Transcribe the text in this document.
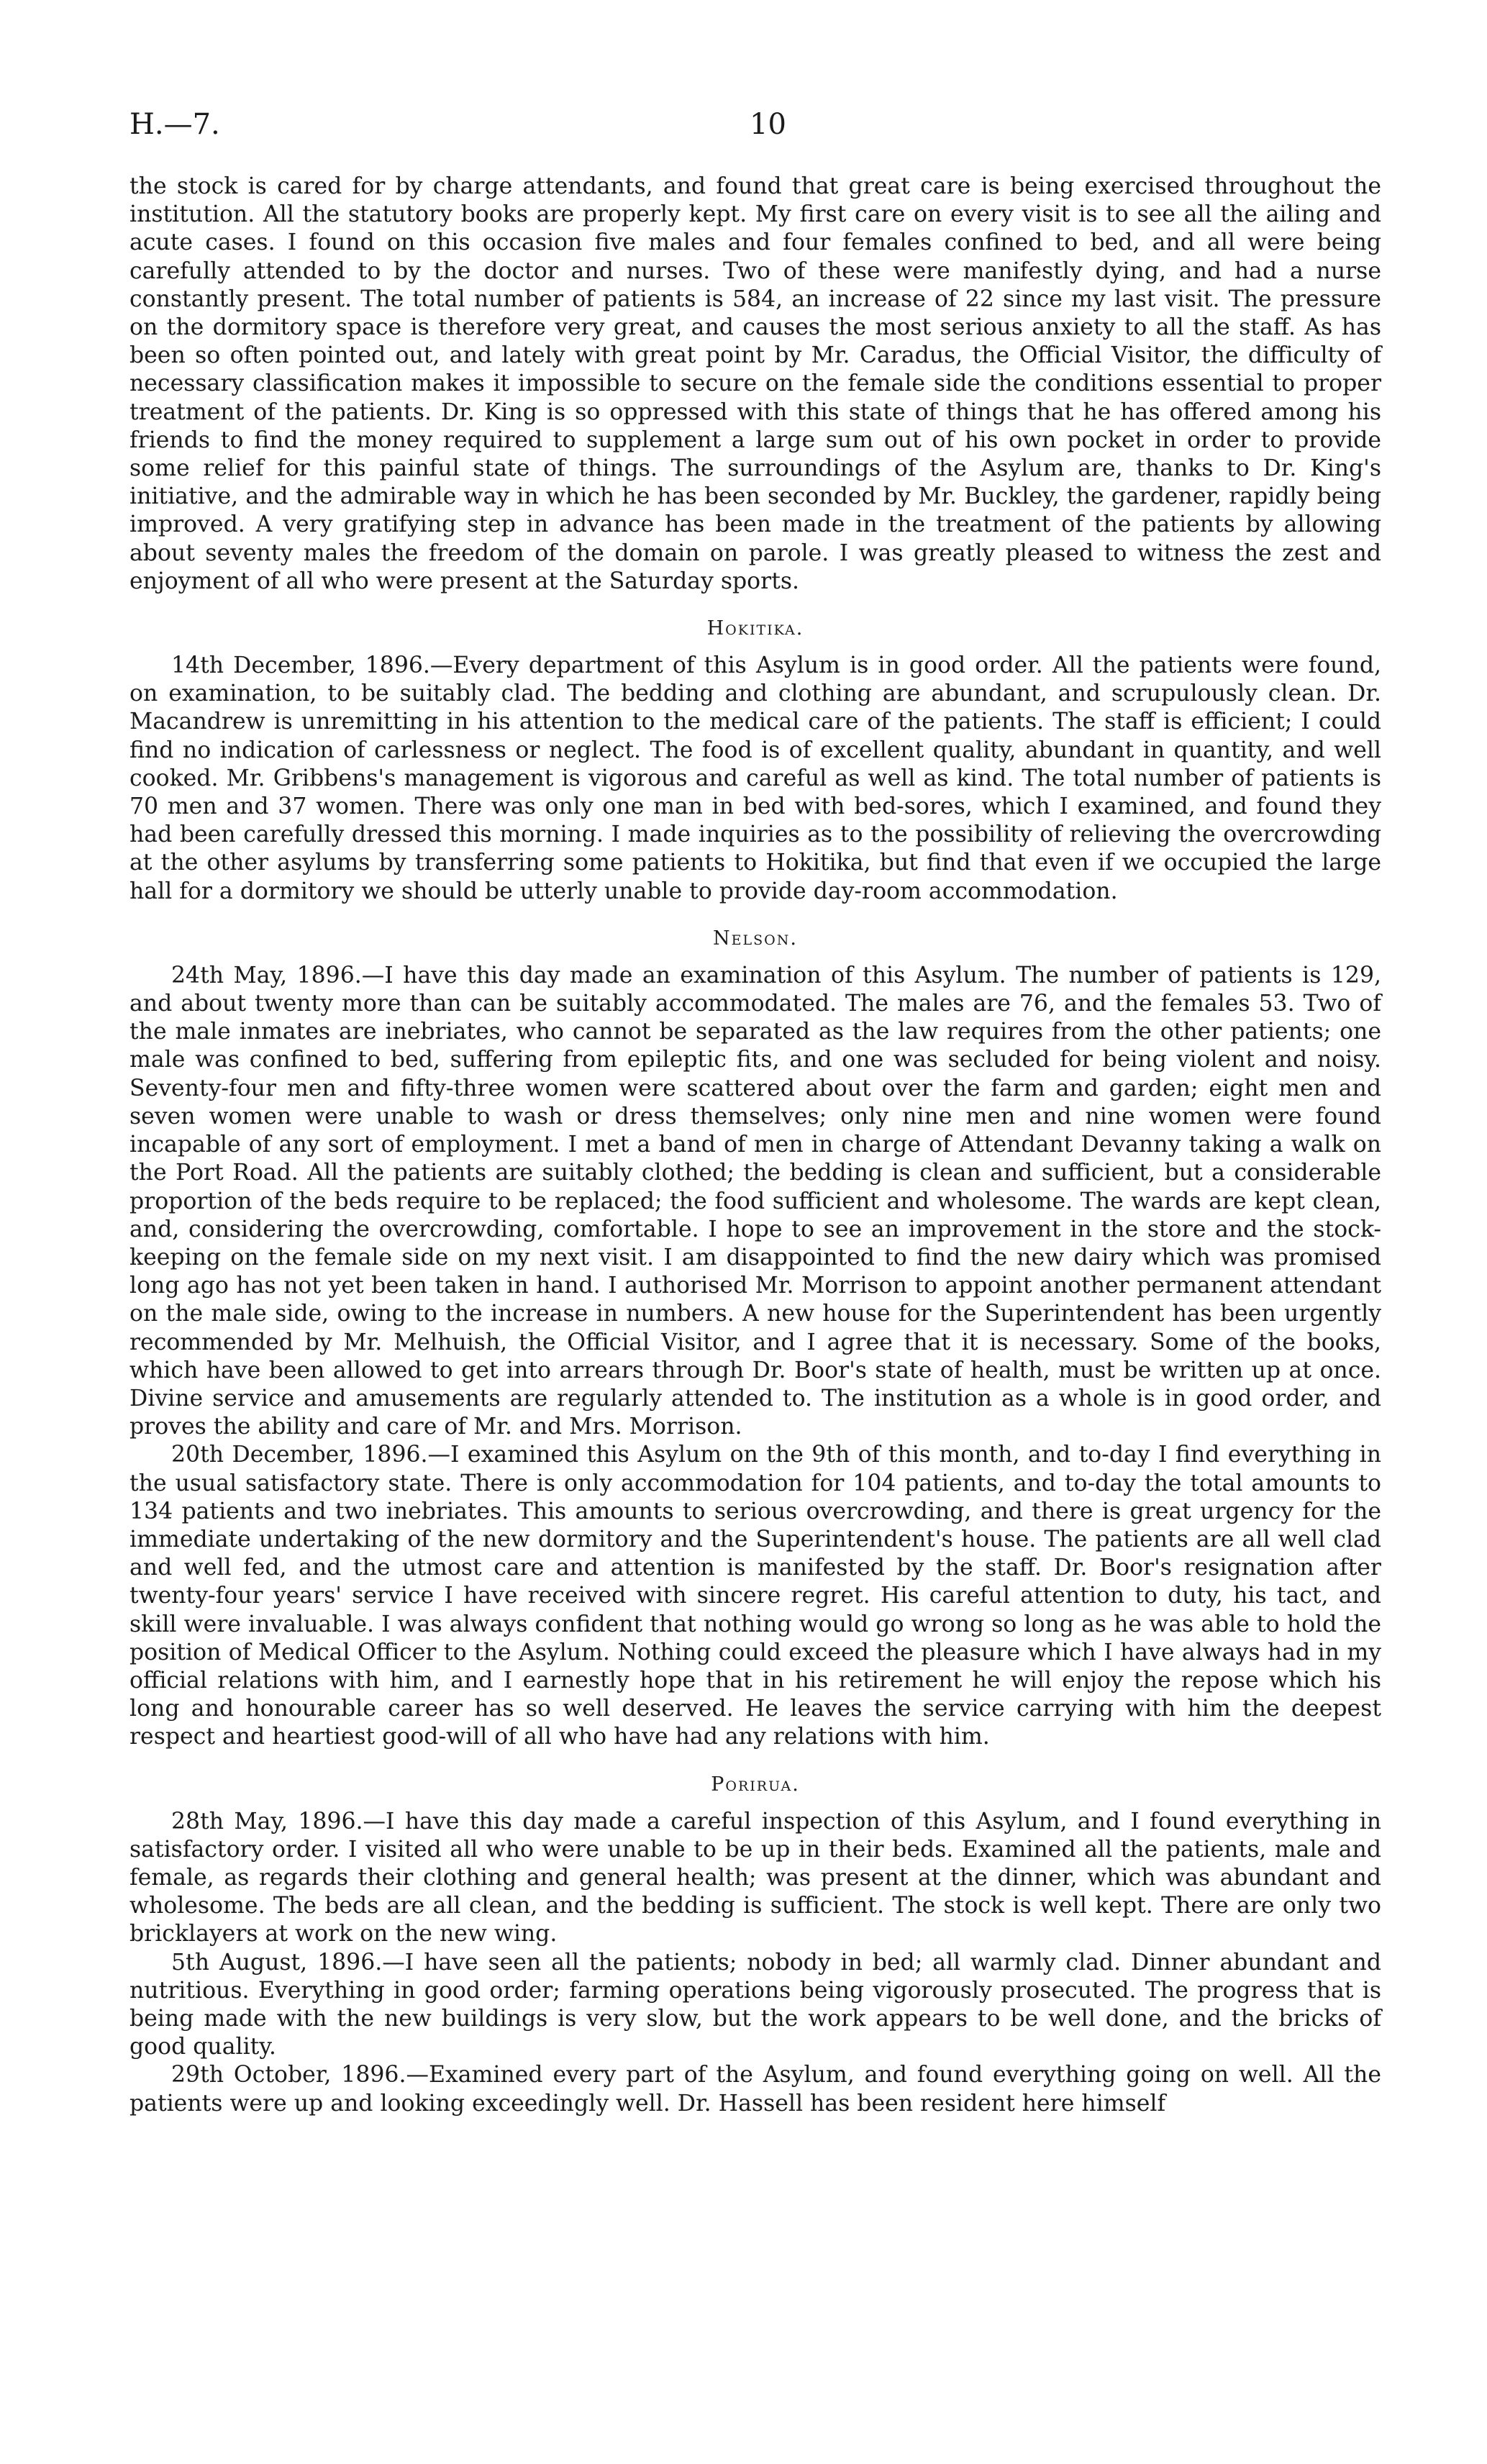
H.—7.	10

the stock is cared for by charge attendants, and found that great care is being exercised throughout the institution. All the statutory books are properly kept. My first care on every visit is to see all the ailing and acute cases. I found on this occasion five males and four females confined to bed, and all were being carefully attended to by the doctor and nurses. Two of these were manifestly dying, and had a nurse constantly present. The total number of patients is 584, an increase of 22 since my last visit. The pressure on the dormitory space is therefore very great, and causes the most serious anxiety to all the staff. As has been so often pointed out, and lately with great point by Mr. Caradus, the Official Visitor, the difficulty of necessary classification makes it impossible to secure on the female side the conditions essential to proper treatment of the patients. Dr. King is so oppressed with this state of things that he has offered among his friends to find the money required to supplement a large sum out of his own pocket in order to provide some relief for this painful state of things. The surroundings of the Asylum are, thanks to Dr. King's initiative, and the admirable way in which he has been seconded by Mr. Buckley, the gardener, rapidly being improved. A very gratifying step in advance has been made in the treatment of the patients by allowing about seventy males the freedom of the domain on parole. I was greatly pleased to witness the zest and enjoyment of all who were present at the Saturday sports.

Hokitika.

14th December, 1896.—Every department of this Asylum is in good order. All the patients were found, on examination, to be suitably clad. The bedding and clothing are abundant, and scrupulously clean. Dr. Macandrew is unremitting in his attention to the medical care of the patients. The staff is efficient; I could find no indication of carlessness or neglect. The food is of excellent quality, abundant in quantity, and well cooked. Mr. Gribbens's management is vigorous and careful as well as kind. The total number of patients is 70 men and 37 women. There was only one man in bed with bed-sores, which I examined, and found they had been carefully dressed this morning. I made inquiries as to the possibility of relieving the overcrowding at the other asylums by transferring some patients to Hokitika, but find that even if we occupied the large hall for a dormitory we should be utterly unable to provide day-room accommodation.

Nelson.

24th May, 1896.—I have this day made an examination of this Asylum. The number of patients is 129, and about twenty more than can be suitably accommodated. The males are 76, and the females 53. Two of the male inmates are inebriates, who cannot be separated as the law requires from the other patients; one male was confined to bed, suffering from epileptic fits, and one was secluded for being violent and noisy. Seventy-four men and fifty-three women were scattered about over the farm and garden; eight men and seven women were unable to wash or dress themselves; only nine men and nine women were found incapable of any sort of employment. I met a band of men in charge of Attendant Devanny taking a walk on the Port Road. All the patients are suitably clothed; the bedding is clean and sufficient, but a considerable proportion of the beds require to be replaced; the food sufficient and wholesome. The wards are kept clean, and, considering the overcrowding, comfortable. I hope to see an improvement in the store and the stock-keeping on the female side on my next visit. I am disappointed to find the new dairy which was promised long ago has not yet been taken in hand. I authorised Mr. Morrison to appoint another permanent attendant on the male side, owing to the increase in numbers. A new house for the Superintendent has been urgently recommended by Mr. Melhuish, the Official Visitor, and I agree that it is necessary. Some of the books, which have been allowed to get into arrears through Dr. Boor's state of health, must be written up at once. Divine service and amusements are regularly attended to. The institution as a whole is in good order, and proves the ability and care of Mr. and Mrs. Morrison.

20th December, 1896.—I examined this Asylum on the 9th of this month, and to-day I find everything in the usual satisfactory state. There is only accommodation for 104 patients, and to-day the total amounts to 134 patients and two inebriates. This amounts to serious overcrowding, and there is great urgency for the immediate undertaking of the new dormitory and the Superintendent's house. The patients are all well clad and well fed, and the utmost care and attention is manifested by the staff. Dr. Boor's resignation after twenty-four years' service I have received with sincere regret. His careful attention to duty, his tact, and skill were invaluable. I was always confident that nothing would go wrong so long as he was able to hold the position of Medical Officer to the Asylum. Nothing could exceed the pleasure which I have always had in my official relations with him, and I earnestly hope that in his retirement he will enjoy the repose which his long and honourable career has so well deserved. He leaves the service carrying with him the deepest respect and heartiest good-will of all who have had any relations with him.

Porirua.

28th May, 1896.—I have this day made a careful inspection of this Asylum, and I found everything in satisfactory order. I visited all who were unable to be up in their beds. Examined all the patients, male and female, as regards their clothing and general health; was present at the dinner, which was abundant and wholesome. The beds are all clean, and the bedding is sufficient. The stock is well kept. There are only two bricklayers at work on the new wing.

5th August, 1896.—I have seen all the patients; nobody in bed; all warmly clad. Dinner abundant and nutritious. Everything in good order; farming operations being vigorously prosecuted. The progress that is being made with the new buildings is very slow, but the work appears to be well done, and the bricks of good quality.

29th October, 1896.—Examined every part of the Asylum, and found everything going on well. All the patients were up and looking exceedingly well. Dr. Hassell has been resident here himself
